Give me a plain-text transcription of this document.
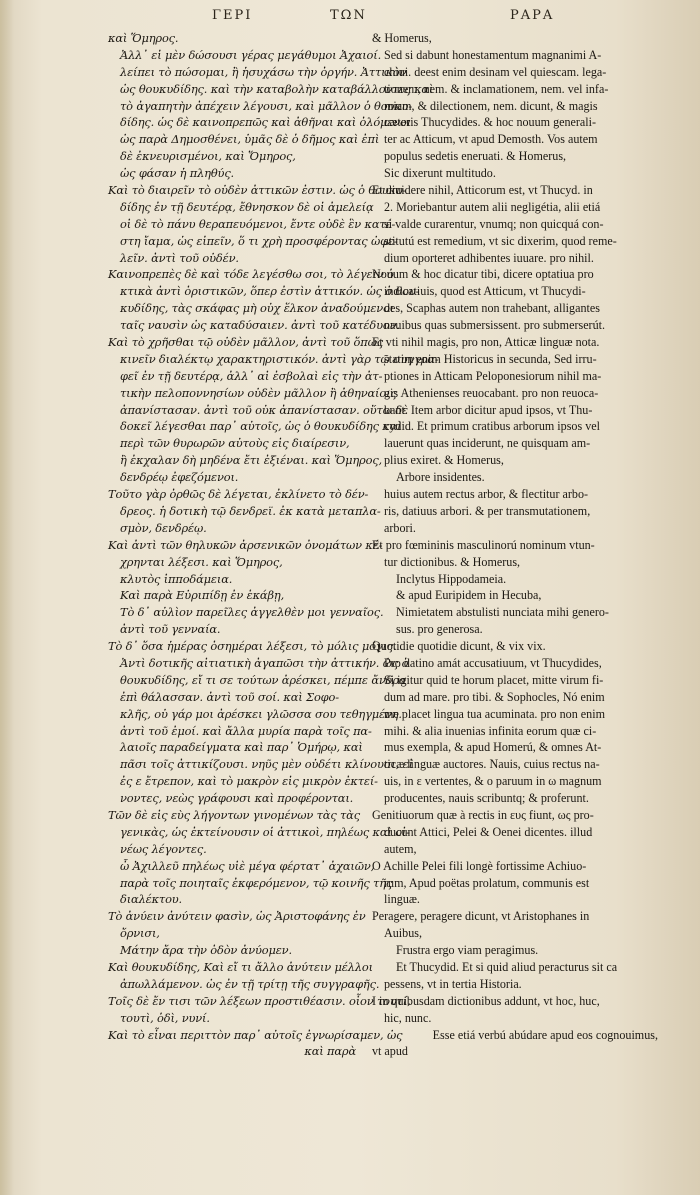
ΓΕΡΙ	ΤΩΝ	ΡΑΡΑ
καὶ Ὅμηρος.
Ἀλλ᾽ εἰ μὲν δώσουσι γέρας μεγάθυμοι Ἀχαιοί.
λείπει τὸ πώσομαι, ἢ ἡσυχάσω τὴν ὀργήν. Ἀττικὸν
ὡς θουκυδίδης. καὶ τὴν καταβολὴν καταβάλλοντες καὶ
τὸ ἀγαπητὴν ἀπέχειν λέγουσι, καὶ μᾶλλον ὁ θουκυ-
δίδης. ὡς δὲ καινοπρεπῶς καὶ ἀθῆναι καὶ ὀλόμενοι
ὡς παρὰ Δημοσθένει, ὑμᾶς δὲ ὁ δῆμος καὶ ἐπὶ
δὲ ἐκνευρισμένοι, καὶ Ὅμηρος,
ὡς φάσαν ἡ πληθύς.
Καὶ τὸ διαιρεῖν τὸ οὐδὲν ἀττικῶν ἐστιν. ὡς ὁ θουκυ-
δίδης ἐν τῇ δευτέρᾳ, ἔθνησκον δὲ οἱ ἀμελείᾳ
οἱ δὲ τὸ πάνυ θεραπευόμενοι, ἔντε οὐδὲ ἓν κατέ-
στη ἴαμα, ὡς εἰπεῖν, ὅ τι χρὴ προσφέροντας ὠφε-
λεῖν. ἀντὶ τοῦ οὐδέν.
Καινοπρεπὲς δὲ καὶ τόδε λεγέσθω σοι, τὸ λέγειν ὁ
κτικὰ ἀντὶ ὁριστικῶν, ὅπερ ἐστὶν ἀττικόν. ὡς ὁ θου-
κυδίδης, τὰς σκάφας μὴ οὐχ ἕλκον ἀναδούμενοι
ταῖς ναυσὶν ὡς καταδύσαιεν. ἀντὶ τοῦ κατέδυον.
Καὶ τὸ χρῆσθαι τῷ οὐδὲν μᾶλλον, ἀντὶ τοῦ ὅπως
κινεῖν διαλέκτῳ χαρακτηριστικόν. ἀντὶ γὰρ τῷ συγγρα-
φεῖ ἐν τῇ δευτέρᾳ, ἀλλ᾽ αἱ ἐσβολαὶ εἰς τὴν ἀτ-
τικὴν πελοποννησίων οὐδὲν μᾶλλον ἢ ἀθηναίοις
ἀπανίστασαν. ἀντὶ τοῦ οὐκ ἀπανίστασαν. οὕτω δὲ
δοκεῖ λέγεσθαι παρ᾽ αὐτοῖς, ὡς ὁ θουκυδίδης καὶ
περὶ τῶν θυρωρῶν αὐτοὺς εἰς διαίρεσιν,
ἢ ἐκχαλαν δὴ μηδένα ἔτι ἐξιέναι. καὶ Ὅμηρος,
δενδρέῳ ἐφεζόμενοι.
Τοῦτο γὰρ ὀρθῶς δὲ λέγεται, ἐκλίνετο τὸ δέν-
δρεος. ἡ δοτικὴ τῷ δενδρεϊ. ἐκ κατὰ μεταπλα-
σμὸν, δενδρέῳ.
Καὶ ἀντὶ τῶν θηλυκῶν ἀρσενικῶν ὀνομάτων κέ-
χρηνται λέξεσι. καὶ Ὅμηρος,
κλυτὸς ἱπποδάμεια.
Καὶ παρὰ Εὐριπίδῃ ἐν ἑκάβῃ,
Τὸ δ᾽ αὐλὶον παρεῖλες ἀγγελθὲν μοι γενναῖος.
ἀντὶ τοῦ γενναία.
Τὸ δ᾽ ὅσα ἡμέρας ὁσημέραι λέξεσι, τὸ μόλις μόγις.
Ἀντὶ δοτικῆς αἰτιατικὴ ἀγαπῶσι τὴν ἀττικήν. ὡς ὁ
θουκυδίδης, εἴ τι σε τούτων ἀρέσκει, πέμπε ἄνδρα
ἐπὶ θάλασσαν. ἀντὶ τοῦ σοί. καὶ Σοφο-
κλῆς, οὐ γάρ μοι ἀρέσκει γλῶσσα σου τεθηγμένη.
ἀντὶ τοῦ ἐμοί. καὶ ἄλλα μυρία παρὰ τοῖς πα-
λαιοῖς παραδείγματα καὶ παρ᾽ Ὁμήρῳ, καὶ
πᾶσι τοῖς ἀττικίζουσι. νηῦς μὲν οὐδέτι κλίνουσι, εἰ
ἐς ε ἔτρεπον, καὶ τὸ μακρὸν εἰς μικρὸν ἐκτεί-
νοντες, νεὼς γράφουσι καὶ προφέρονται.
Τῶν δὲ εἰς εὺς λήγοντων γινομένων τὰς τὰς
γενικὰς, ὡς ἐκτείνουσιν οἱ ἀττικοὶ, πηλέως καὶ οἰ-
νέως λέγοντες.
ὦ Ἀχιλλεῦ πηλέως υἱὲ μέγα φέρτατ᾽ ἀχαιῶν,
παρὰ τοῖς ποιηταῖς ἐκφερόμενον, τῷ κοινῆς τῆς
διαλέκτου.
Τὸ ἀνύειν ἀνύτειν φασὶν, ὡς Ἀριστοφάνης ἐν
ὄρνισι,
Μάτην ἄρα τὴν ὁδὸν ἀνύομεν.
Καὶ θουκυδίδης, Καὶ εἴ τι ἄλλο ἀνύτειν μέλλοι
ἀπωλλάμενον. ὡς ἐν τῇ τρίτῃ τῆς συγγραφῆς.
Τοῖς δὲ ἔν τισι τῶν λέξεων προστιθέασιν. οἷον τουτί,
τουτὶ, ὁδὶ, νυνί.
Καὶ τὸ εἶναι περιττὸν παρ᾽ αὐτοῖς ἐγνωρίσαμεν, ὡς
καὶ παρὰ
& Homerus,
Sed si dabunt honestamentum magnanimi A-
chiui. deest enim desinam vel quiescam. lega-
tionem, nem. & inclamationem, nem. vel infa-
miam, & dilectionem, nem. dicunt, & magis
cæteris Thucydides. & hoc nouum generali-
ter ac Atticum, vt apud Demosth. Vos autem
populus sedetis eneruati. & Homerus,
Sic dixerunt multitudo.
Et diuidere nihil, Atticorum est, vt Thucyd. in
2. Moriebantur autem alii negligétia, alii etiá
si valde curarentur, vnumq; non quicquá con-
stitutú est remedium, vt sic dixerim, quod reme-
dium oporteret adhibentes iuuare. pro nihil.
Nouum & hoc dicatur tibi, dicere optatiua pro
indicatiuis, quod est Atticum, vt Thucydi-
des, Scaphas autem non trahebant, alligantes
nauibus quas submersissent. pro submerserút.
Et vti nihil magis, pro non, Atticæ linguæ nota.
statim enim Historicus in secunda, Sed irru-
ptiones in Atticam Peloponesiorum nihil ma-
gis Athenienses reuocabant. pro non reuoca-
bant. Item arbor dicitur apud ipsos, vt Thu-
cydid. Et primum cratibus arborum ipsos vel
lauerunt quas inciderunt, ne quisquam am-
plius exiret. & Homerus,
Arbore insidentes.
huius autem rectus arbor, & flectitur arbo-
ris, datiuus arbori. & per transmutationem,
arbori.
Et pro fœmininis masculinorú nominum vtun-
tur dictionibus. & Homerus,
Inclytus Hippodameia.
& apud Euripidem in Hecuba,
Nimietatem abstulisti nunciata mihi genero-
sus. pro generosa.
Quotidie quotidie dicunt, & vix vix.
Pro datino amát accusatiuum, vt Thucydides,
Si igitur quid te horum placet, mitte virum fi-
dum ad mare. pro tibi. & Sophocles, Nó enim
me placet lingua tua acuminata. pro non enim
mihi. & alia inuenias infinita eorum quæ ci-
mus exempla, & apud Homerú, & omnes At-
ticæ linguæ auctores. Nauis, cuius rectus na-
uis, in ε vertentes, & ο paruum in ω magnum
producentes, nauis scribuntq; & proferunt.
Genitiuorum quæ à rectis in ευς fiunt, ως pro-
ducunt Attici, Pelei & Oenei dicentes. illud
autem,
O Achille Pelei fili longè fortissime Achiuo-
rum, Apud poëtas prolatum, communis est
linguæ.
Peragere, peragere dicunt, vt Aristophanes in
Auibus,
Frustra ergo viam peragimus.
Et Thucydid. Et si quid aliud peracturus sit ca
pessens, vt in tertia Historia.
I in quibusdam dictionibus addunt, vt hoc, huc,
hic, nunc.
Esse etiá verbú abúdare apud eos cognouimus,
vt apud
